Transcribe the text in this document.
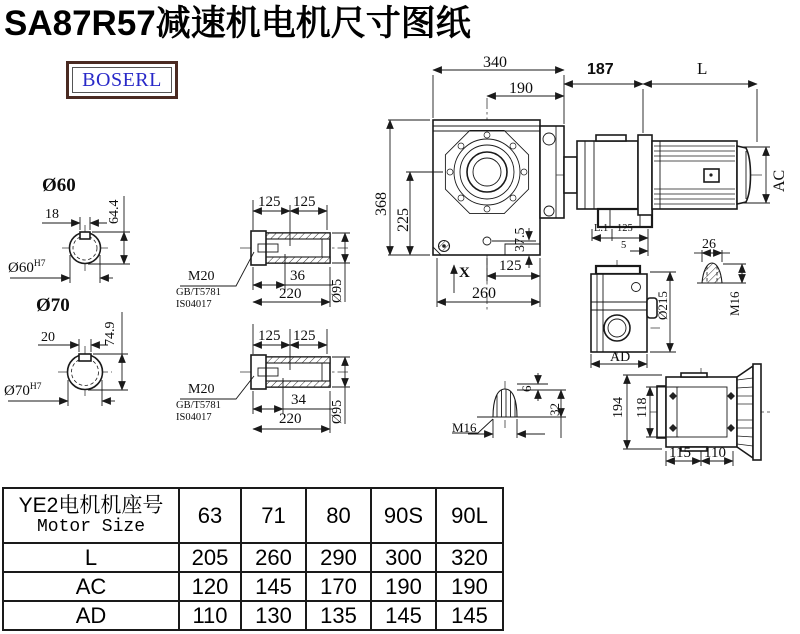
SA87R57减速机电机尺寸图纸
BOSERL
340
190
368
225
37.5
125
260
X
187	L
AC
L.1 125
5
Ø60
18	64.4
$Ø60^{H7}$
Ø70
20	74.9
$Ø70^{H7}$
125 125
36
220 Ø95
M20
GB/T5781
IS04017
125 125
34
220 Ø95
M20
GB/T5781
IS04017
Ø215
AD
26
M16
6
32
M16
194 118
115 110
YE2电机机座号
Motor Size	63	71	80	90S	90L
L	205	260	290	300	320
AC	120	145	170	190	190
AD	110	130	135	145	145
